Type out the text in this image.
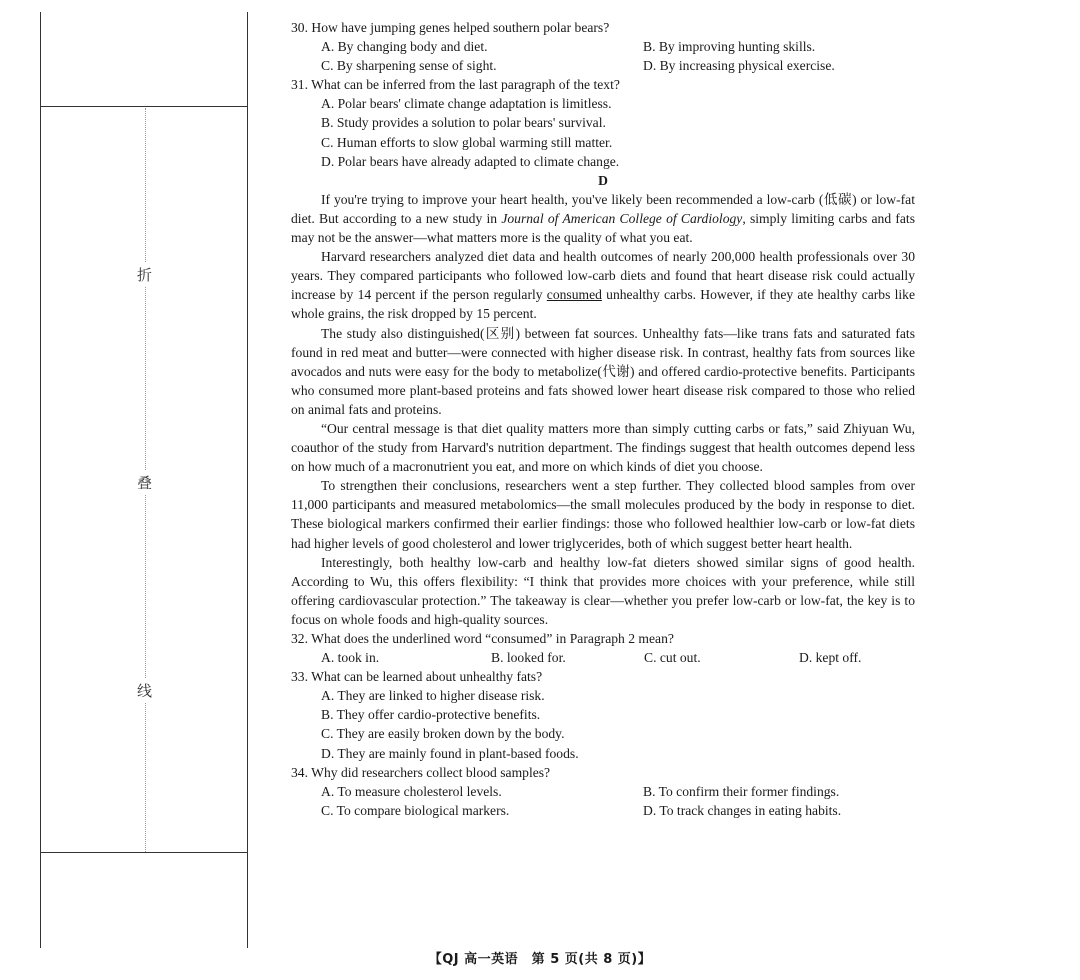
折
叠
线
30. How have jumping genes helped southern polar bears?
A. By changing body and diet.	B. By improving hunting skills.
C. By sharpening sense of sight.	D. By increasing physical exercise.
31. What can be inferred from the last paragraph of the text?
A. Polar bears' climate change adaptation is limitless.
B. Study provides a solution to polar bears' survival.
C. Human efforts to slow global warming still matter.
D. Polar bears have already adapted to climate change.
D

If you're trying to improve your heart health, you've likely been recommended a low-carb (低碳) or low-fat diet. But according to a new study in Journal of American College of Cardiology, simply limiting carbs and fats may not be the answer—what matters more is the quality of what you eat.

Harvard researchers analyzed diet data and health outcomes of nearly 200,000 health professionals over 30 years. They compared participants who followed low-carb diets and found that heart disease risk could actually increase by 14 percent if the person regularly consumed unhealthy carbs. However, if they ate healthy carbs like whole grains, the risk dropped by 15 percent.

The study also distinguished(区别) between fat sources. Unhealthy fats—like trans fats and saturated fats found in red meat and butter—were connected with higher disease risk. In contrast, healthy fats from sources like avocados and nuts were easy for the body to metabolize(代谢) and offered cardio-protective benefits. Participants who consumed more plant-based proteins and fats showed lower heart disease risk compared to those who relied on animal fats and proteins.

“Our central message is that diet quality matters more than simply cutting carbs or fats,” said Zhiyuan Wu, coauthor of the study from Harvard's nutrition department. The findings suggest that health outcomes depend less on how much of a macronutrient you eat, and more on which kinds of diet you choose.

To strengthen their conclusions, researchers went a step further. They collected blood samples from over 11,000 participants and measured metabolomics—the small molecules produced by the body in response to diet. These biological markers confirmed their earlier findings: those who followed healthier low-carb or low-fat diets had higher levels of good cholesterol and lower triglycerides, both of which suggest better heart health.

Interestingly, both healthy low-carb and healthy low-fat dieters showed similar signs of good health. According to Wu, this offers flexibility: “I think that provides more choices with your preference, while still offering cardiovascular protection.” The takeaway is clear—whether you prefer low-carb or low-fat, the key is to focus on whole foods and high-quality sources.

32. What does the underlined word “consumed” in Paragraph 2 mean?
A. took in.	B. looked for.	C. cut out.	D. kept off.
33. What can be learned about unhealthy fats?
A. They are linked to higher disease risk.
B. They offer cardio-protective benefits.
C. They are easily broken down by the body.
D. They are mainly found in plant-based foods.
34. Why did researchers collect blood samples?
A. To measure cholesterol levels.	B. To confirm their former findings.
C. To compare biological markers.	D. To track changes in eating habits.
【QJ 高一英语　第 5 页(共 8 页)】
